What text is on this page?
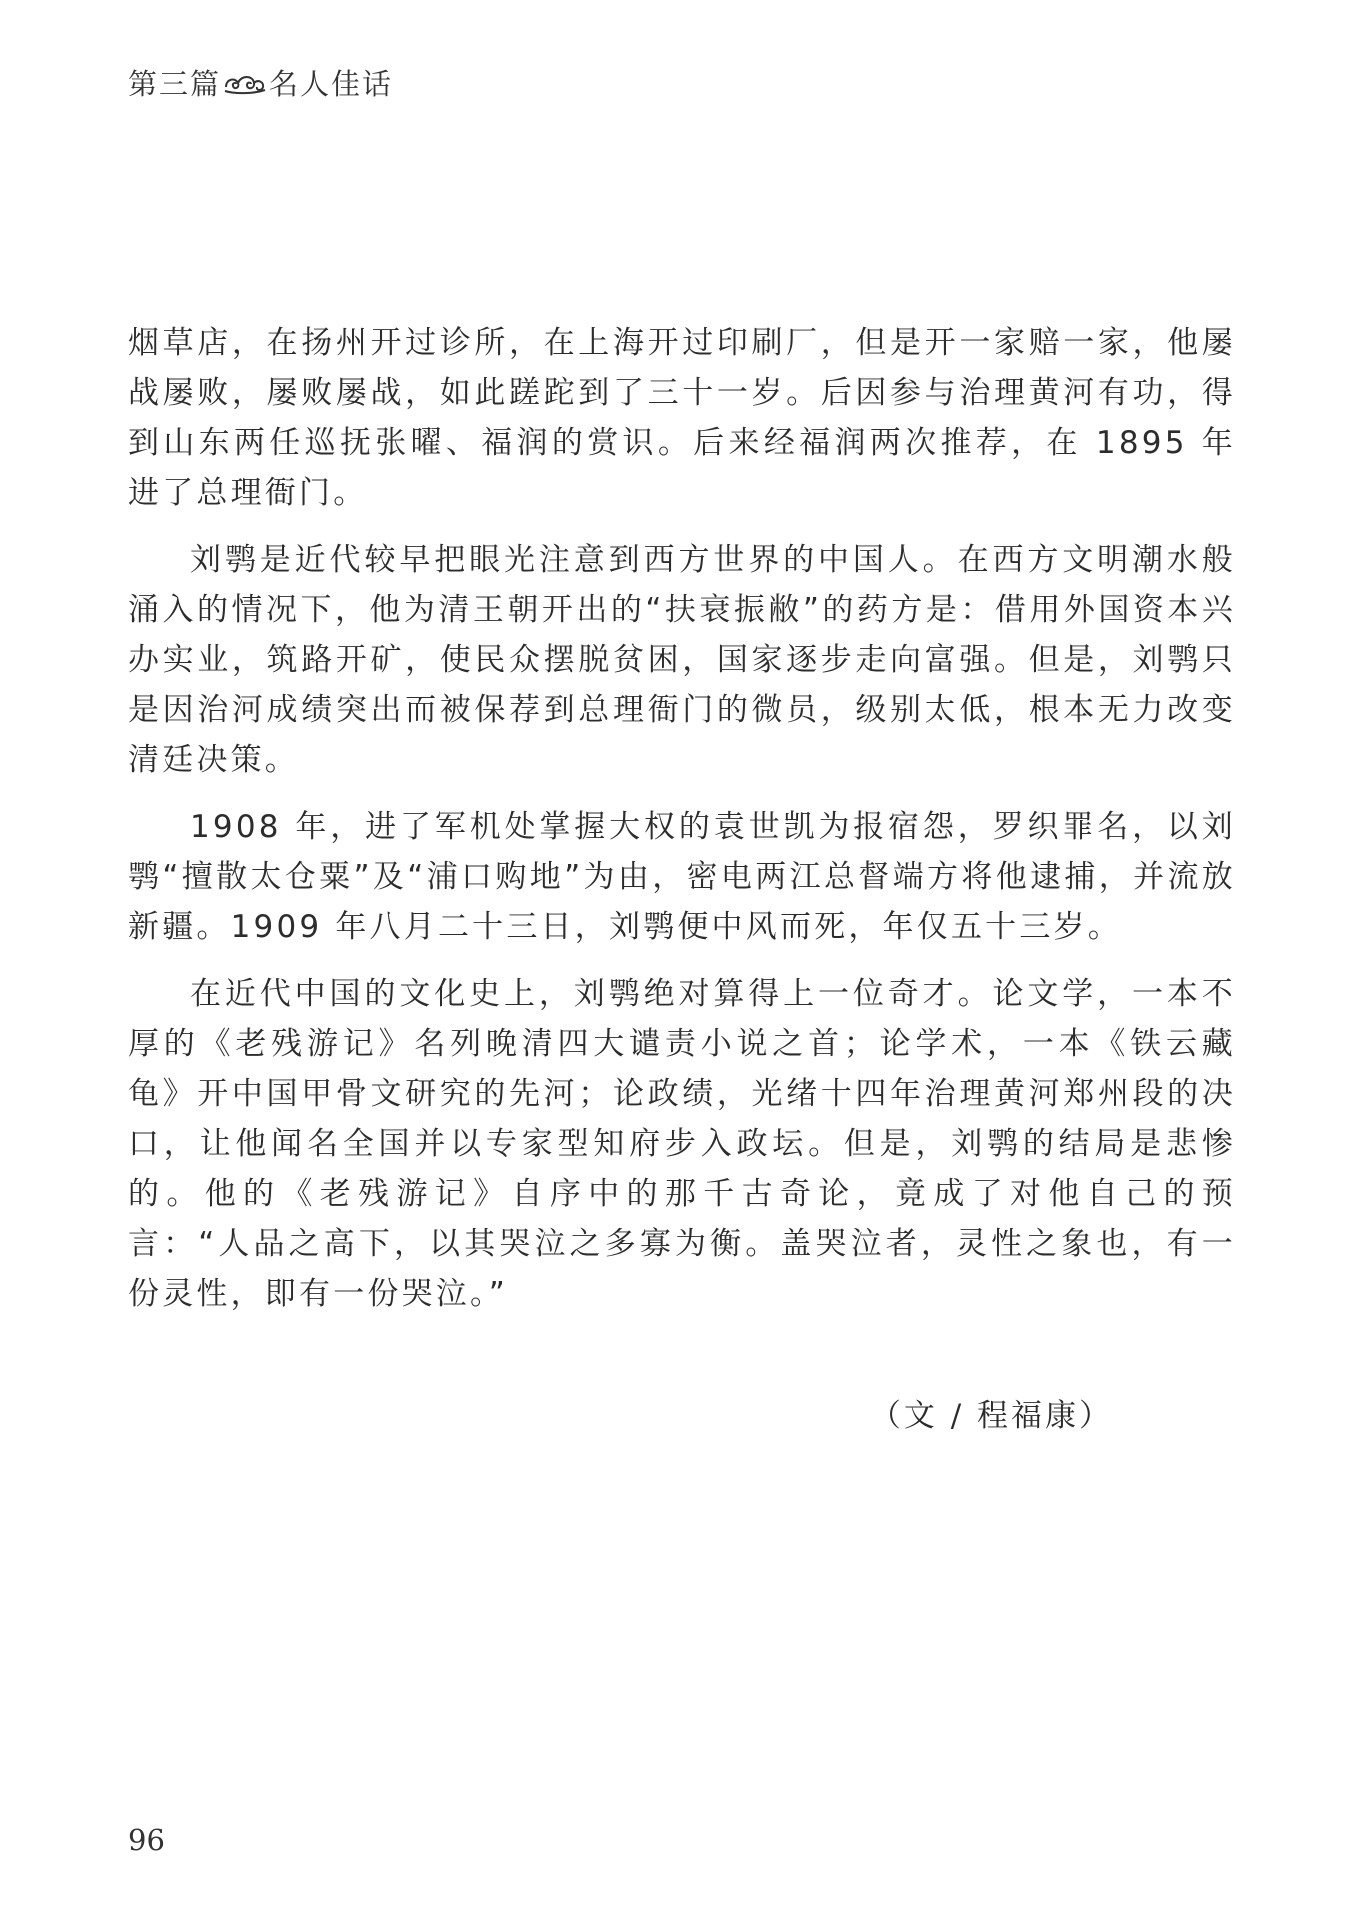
第三篇 名人佳话

烟草店，在扬州开过诊所，在上海开过印刷厂，但是开一家赔一家，他屡战屡败，屡败屡战，如此蹉跎到了三十一岁。后因参与治理黄河有功，得到山东两任巡抚张曜、福润的赏识。后来经福润两次推荐，在 1895 年进了总理衙门。

刘鹗是近代较早把眼光注意到西方世界的中国人。在西方文明潮水般涌入的情况下，他为清王朝开出的“扶衰振敝”的药方是：借用外国资本兴办实业，筑路开矿，使民众摆脱贫困，国家逐步走向富强。但是，刘鹗只是因治河成绩突出而被保荐到总理衙门的微员，级别太低，根本无力改变清廷决策。

1908 年，进了军机处掌握大权的袁世凯为报宿怨，罗织罪名，以刘鹗“擅散太仓粟”及“浦口购地”为由，密电两江总督端方将他逮捕，并流放新疆。1909 年八月二十三日，刘鹗便中风而死，年仅五十三岁。

在近代中国的文化史上，刘鹗绝对算得上一位奇才。论文学，一本不厚的《老残游记》名列晚清四大谴责小说之首；论学术，一本《铁云藏龟》开中国甲骨文研究的先河；论政绩，光绪十四年治理黄河郑州段的决口，让他闻名全国并以专家型知府步入政坛。但是，刘鹗的结局是悲惨的。他的《老残游记》自序中的那千古奇论，竟成了对他自己的预言：“人品之高下，以其哭泣之多寡为衡。盖哭泣者，灵性之象也，有一份灵性，即有一份哭泣。”

（文 / 程福康）
96
